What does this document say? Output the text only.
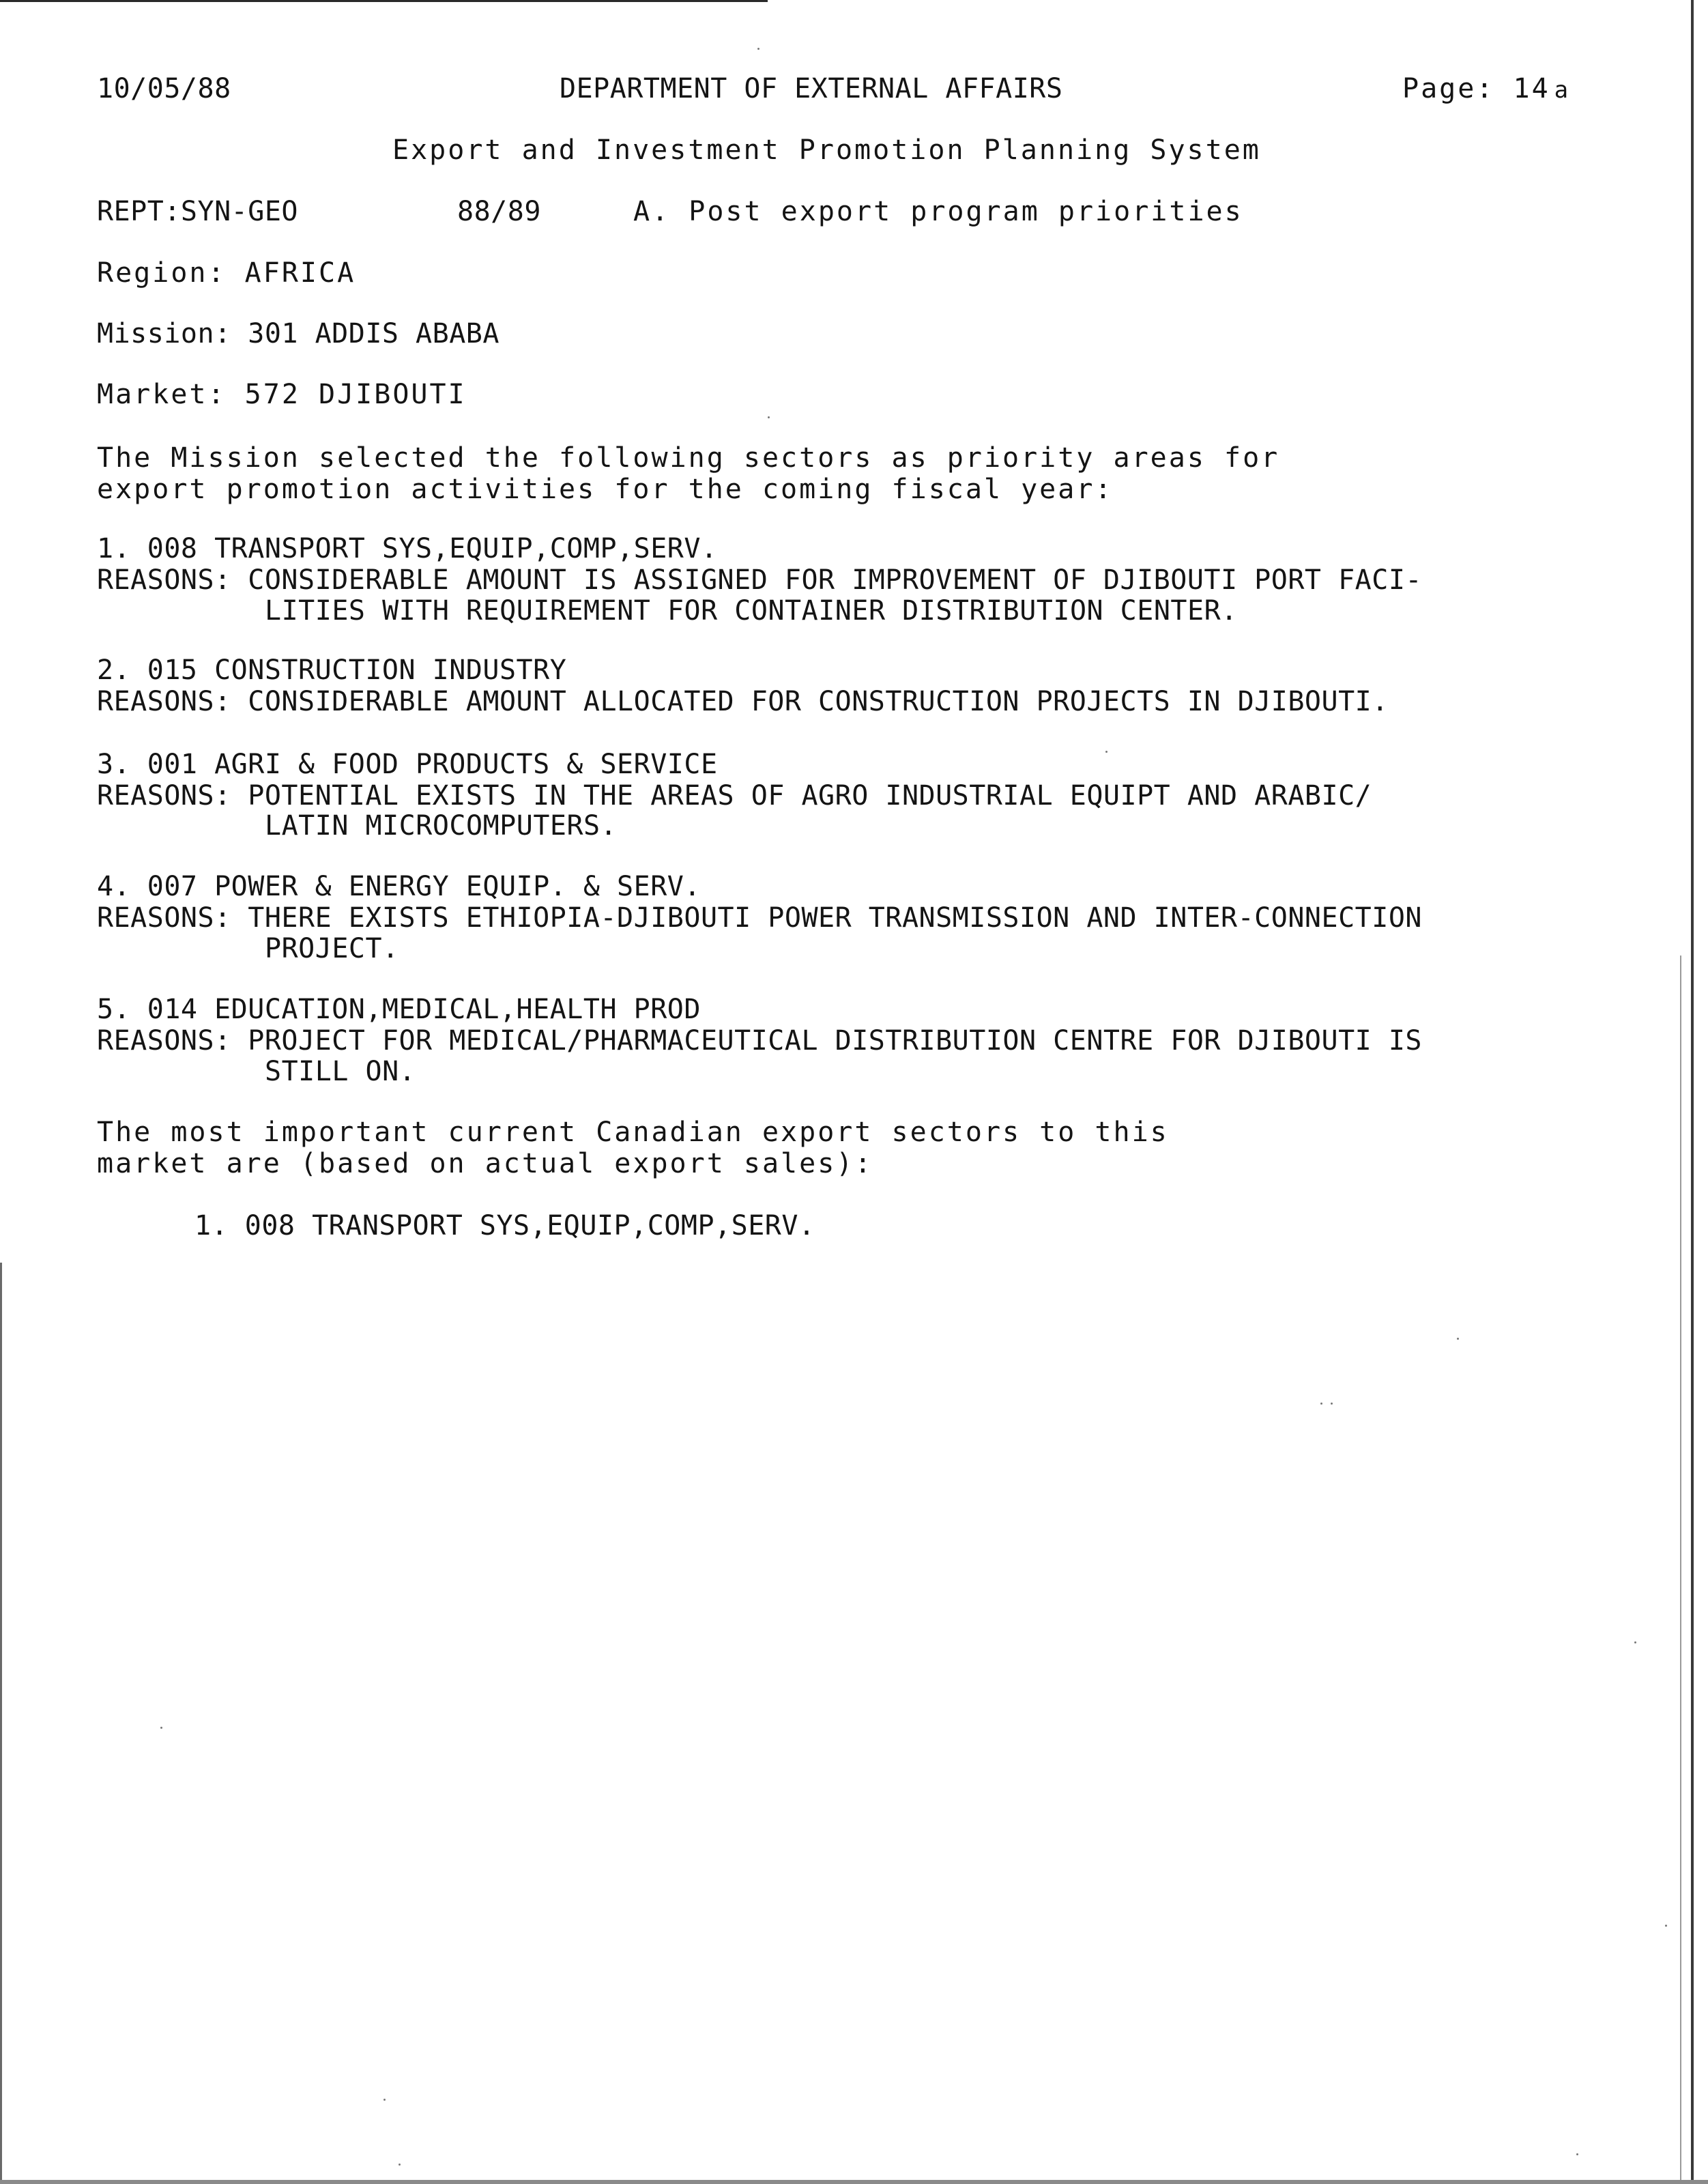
10/05/88	DEPARTMENT OF EXTERNAL AFFAIRS	Page: 14 a
Export and Investment Promotion Planning System
REPT:SYN-GEO	88/89	A. Post export program priorities
Region: AFRICA
Mission: 301 ADDIS ABABA
Market: 572 DJIBOUTI
The Mission selected the following sectors as priority areas for
export promotion activities for the coming fiscal year:
1. 008 TRANSPORT SYS,EQUIP,COMP,SERV.
REASONS: CONSIDERABLE AMOUNT IS ASSIGNED FOR IMPROVEMENT OF DJIBOUTI PORT FACI-
LITIES WITH REQUIREMENT FOR CONTAINER DISTRIBUTION CENTER.
2. 015 CONSTRUCTION INDUSTRY
REASONS: CONSIDERABLE AMOUNT ALLOCATED FOR CONSTRUCTION PROJECTS IN DJIBOUTI.
3. 001 AGRI & FOOD PRODUCTS & SERVICE
REASONS: POTENTIAL EXISTS IN THE AREAS OF AGRO INDUSTRIAL EQUIPT AND ARABIC/
LATIN MICROCOMPUTERS.
4. 007 POWER & ENERGY EQUIP. & SERV.
REASONS: THERE EXISTS ETHIOPIA-DJIBOUTI POWER TRANSMISSION AND INTER-CONNECTION
PROJECT.
5. 014 EDUCATION,MEDICAL,HEALTH PROD
REASONS: PROJECT FOR MEDICAL/PHARMACEUTICAL DISTRIBUTION CENTRE FOR DJIBOUTI IS
STILL ON.
The most important current Canadian export sectors to this
market are (based on actual export sales):
1. 008 TRANSPORT SYS,EQUIP,COMP,SERV.
